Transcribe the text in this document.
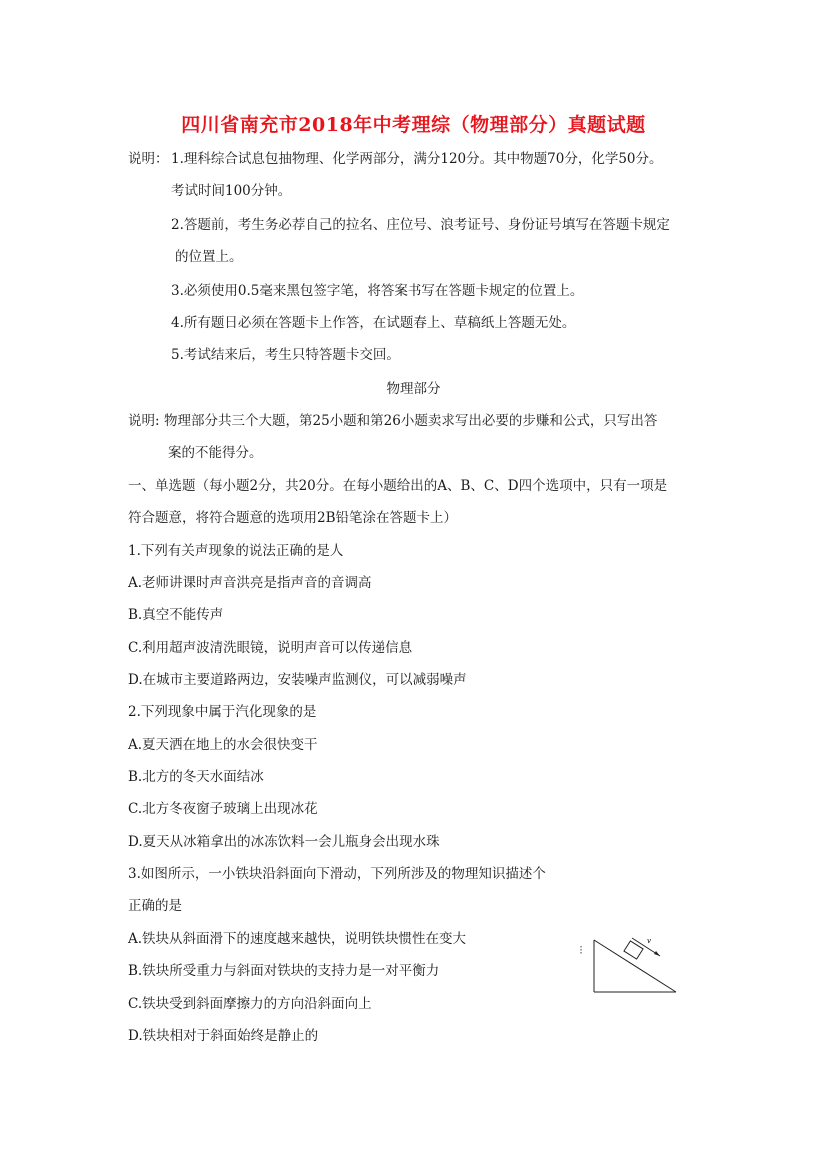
四川省南充市2018年中考理综（物理部分）真题试题
说明： 1.理科综合试息包抽物理、化学两部分，满分120分。其中物题70分，化学50分。
考试时间100分钟。
2.答题前，考生务必荐自己的拉名、庄位号、浪考证号、身份证号填写在答题卡规定
的位置上。
3.必须使用0.5毫来黑包签字笔，将答案书写在答题卡规定的位置上。
4.所有题日必须在答题卡上作答，在试题春上、草稿纸上答题无处。
5.考试结来后，考生只特答题卡交回。
物理部分
说明: 物理部分共三个大题，第25小题和第26小题卖求写出必要的步赚和公式，只写出答
案的不能得分。
一、单选题（每小题2分，共20分。在每小题给出的A、B、C、D四个选项中，只有一项是
符合题意，将符合题意的选项用2B铅笔涂在答题卡上）
1.下列有关声现象的说法正确的是人
A.老师讲课时声音洪亮是指声音的音调高
B.真空不能传声
C.利用超声波清洗眼镜，说明声音可以传递信息
D.在城市主要道路两边，安装噪声监测仪，可以减弱噪声
2.下列现象中属于汽化现象的是
A.夏天洒在地上的水会很快变干
B.北方的冬天水面结冰
C.北方冬夜窗子玻璃上出现冰花
D.夏天从冰箱拿出的冰冻饮料一会儿瓶身会出现水珠
3.如图所示，一小铁块沿斜面向下滑动，下列所涉及的物理知识描述个
正确的是
A.铁块从斜面滑下的速度越来越快，说明铁块惯性在变大
B.铁块所受重力与斜面对铁块的支持力是一对平衡力
C.铁块受到斜面摩擦力的方向沿斜面向上
D.铁块相对于斜面始终是静止的
v
